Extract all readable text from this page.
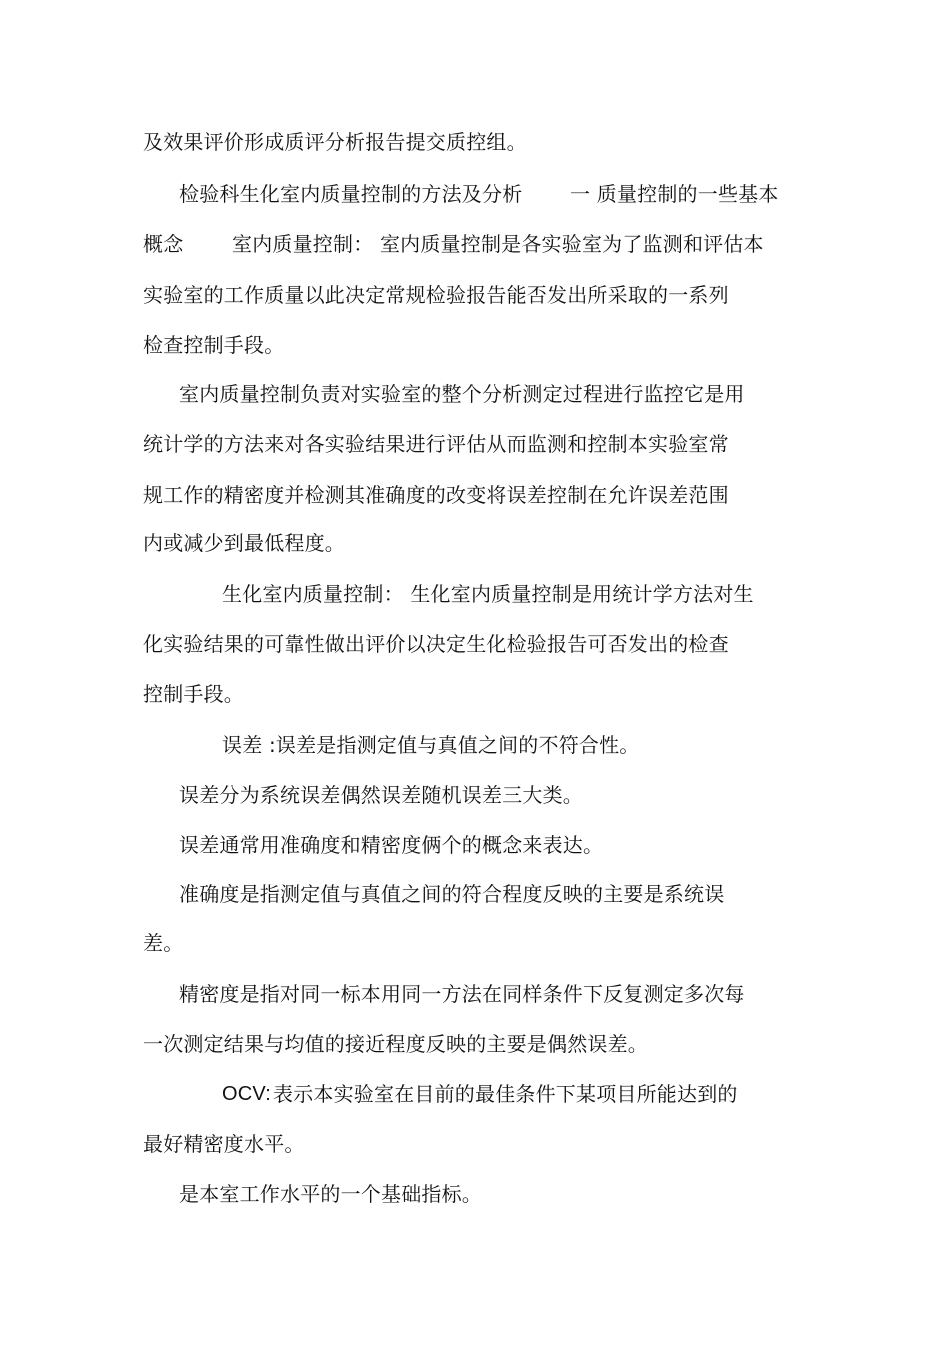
及效果评价形成质评分析报告提交质控组。
检验科生化室内质量控制的方法及分析 一 质量控制的一些基本
概念 室内质量控制： 室内质量控制是各实验室为了监测和评估本
实验室的工作质量以此决定常规检验报告能否发出所采取的一系列
检查控制手段。
室内质量控制负责对实验室的整个分析测定过程进行监控它是用
统计学的方法来对各实验结果进行评估从而监测和控制本实验室常
规工作的精密度并检测其准确度的改变将误差控制在允许误差范围
内或减少到最低程度。
生化室内质量控制： 生化室内质量控制是用统计学方法对生
化实验结果的可靠性做出评价以决定生化检验报告可否发出的检查
控制手段。
误差 :误差是指测定值与真值之间的不符合性。
误差分为系统误差偶然误差随机误差三大类。
误差通常用准确度和精密度俩个的概念来表达。
准确度是指测定值与真值之间的符合程度反映的主要是系统误
差。
精密度是指对同一标本用同一方法在同样条件下反复测定多次每
一次测定结果与均值的接近程度反映的主要是偶然误差。
OCV: 表示本实验室在目前的最佳条件下某项目所能达到的
最好精密度水平。
是本室工作水平的一个基础指标。
